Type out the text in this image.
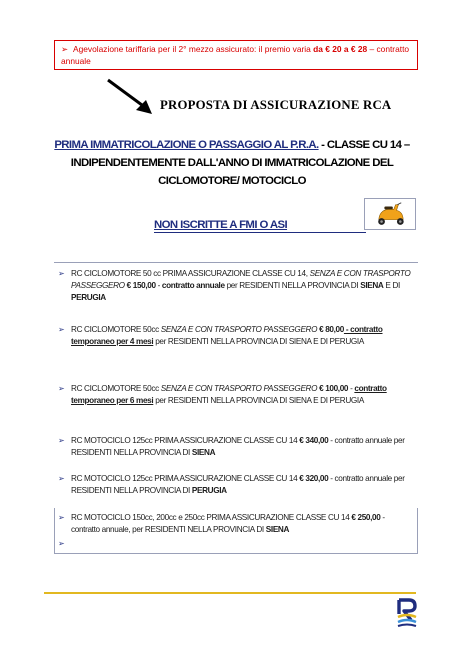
➢ Agevolazione tariffaria per il 2° mezzo assicurato: il premio varia da € 20 a € 28 – contratto annuale
PROPOSTA DI ASSICURAZIONE RCA
PRIMA IMMATRICOLAZIONE O PASSAGGIO AL P.R.A. - CLASSE CU 14 – INDIPENDENTEMENTE DALL'ANNO DI IMMATRICOLAZIONE DEL CICLOMOTORE/ MOTOCICLO
NON ISCRITTE A FMI O ASI
➢ RC CICLOMOTORE 50 cc PRIMA ASSICURAZIONE CLASSE CU 14, SENZA E CON TRASPORTO PASSEGGERO € 150,00 - contratto annuale per RESIDENTI NELLA PROVINCIA DI SIENA E DI PERUGIA
➢ RC CICLOMOTORE 50cc SENZA E CON TRASPORTO PASSEGGERO € 80,00 - contratto temporaneo per 4 mesi per RESIDENTI NELLA PROVINCIA DI SIENA E DI PERUGIA
➢ RC CICLOMOTORE 50cc SENZA E CON TRASPORTO PASSEGGERO € 100,00 - contratto temporaneo per 6 mesi per RESIDENTI NELLA PROVINCIA DI SIENA E DI PERUGIA
➢ RC MOTOCICLO 125cc PRIMA ASSICURAZIONE CLASSE CU 14 € 340,00 - contratto annuale per RESIDENTI NELLA PROVINCIA DI SIENA
➢ RC MOTOCICLO 125cc PRIMA ASSICURAZIONE CLASSE CU 14 € 320,00 - contratto annuale per RESIDENTI NELLA PROVINCIA DI PERUGIA
➢ RC MOTOCICLO 150cc, 200cc e 250cc PRIMA ASSICURAZIONE CLASSE CU 14 € 250,00 - contratto annuale, per RESIDENTI NELLA PROVINCIA DI SIENA
➢
